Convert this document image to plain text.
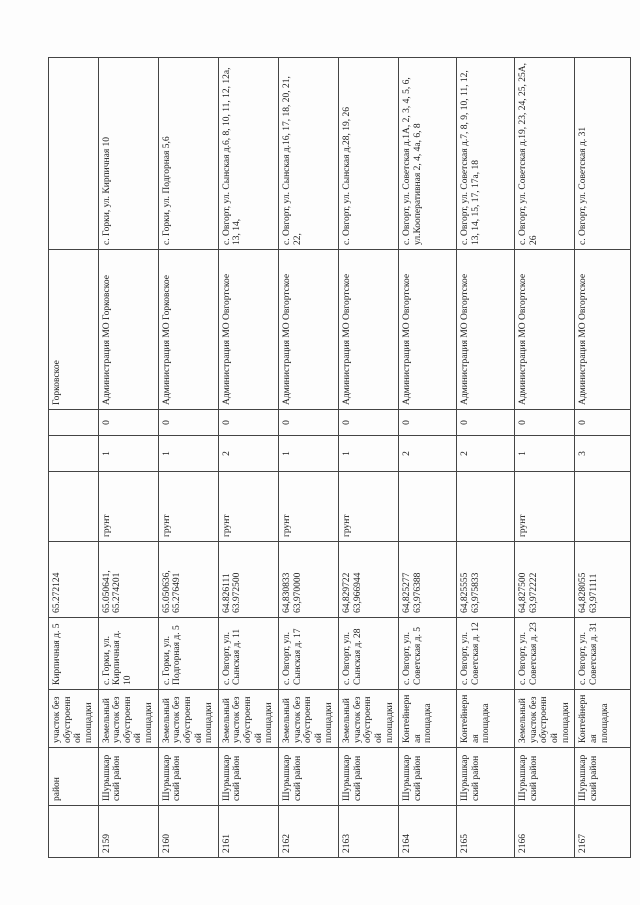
	район	участок без обустроенной площадки	Кирпичная д. 5	65.272124				Горковское	
2159	Шурышкарский район	Земельный участок без обустроенной площадки	с. Горки, ул. Кирпичная д. 10	65.050641, 65.274201	грунт	1	0	Администрация МО Горковское	с. Горки, ул. Кирпичная 10
2160	Шурышкарский район	Земельный участок без обустроенной площадки	с. Горки, ул. Подгорная д. 5	65.050636, 65.276491	грунт	1	0	Администрация МО Горковское	с. Горки, ул. Подгорная 5,6
2161	Шурышкарский район	Земельный участок без обустроенной площадки	с. Овгорт, ул. Сынская д. 11	64.826111 63.972500	грунт	2	0	Администрация МО Овгортское	с. Овгорт, ул. Сынская д.6, 8, 10, 11, 12, 12а, 13, 14,
2162	Шурышкарский район	Земельный участок без обустроенной площадки	с. Овгорт, ул. Сынская д. 17	64,830833 63,970000	грунт	1	0	Администрация МО Овгортское	с. Овгорт, ул. Сынская д.16, 17, 18, 20, 21, 22,
2163	Шурышкарский район	Земельный участок без обустроенной площадки	с. Овгорт, ул. Сынская д. 28	64,829722 63,966944	грунт	1	0	Администрация МО Овгортское	с. Овгорт, ул. Сынская д.28, 19, 26
2164	Шурышкарский район	Контейнерная площадка	с. Овгорт, ул. Советская д. 5	64,825277 63,976388		2	0	Администрация МО Овгортское	с. Овгорт, ул. Советская д.1А, 2, 3, 4, 5, 6, ул.Кооперативная 2, 4, 4а, 6, 8
2165	Шурышкарский район	Контейнерная площадка	с. Овгорт, ул. Советская д. 12	64,825555 63,975833		2	0	Администрация МО Овгортское	с. Овгорт, ул. Советская д.7, 8, 9, 10, 11, 12, 13, 14, 15, 17, 17а, 18
2166	Шурышкарский район	Земельный участок без обустроенной площадки	с. Овгорт, ул. Советская д. 23	64,827500 63,972222	грунт	1	0	Администрация МО Овгортское	с. Овгорт, ул. Советская д.19, 23, 24, 25, 25А, 26
2167	Шурышкарский район	Контейнерная площадка	с. Овгорт, ул. Советская д. 31	64,828055 63,971111		3	0	Администрация МО Овгортское	с. Овгорт, ул. Советская д. 31
